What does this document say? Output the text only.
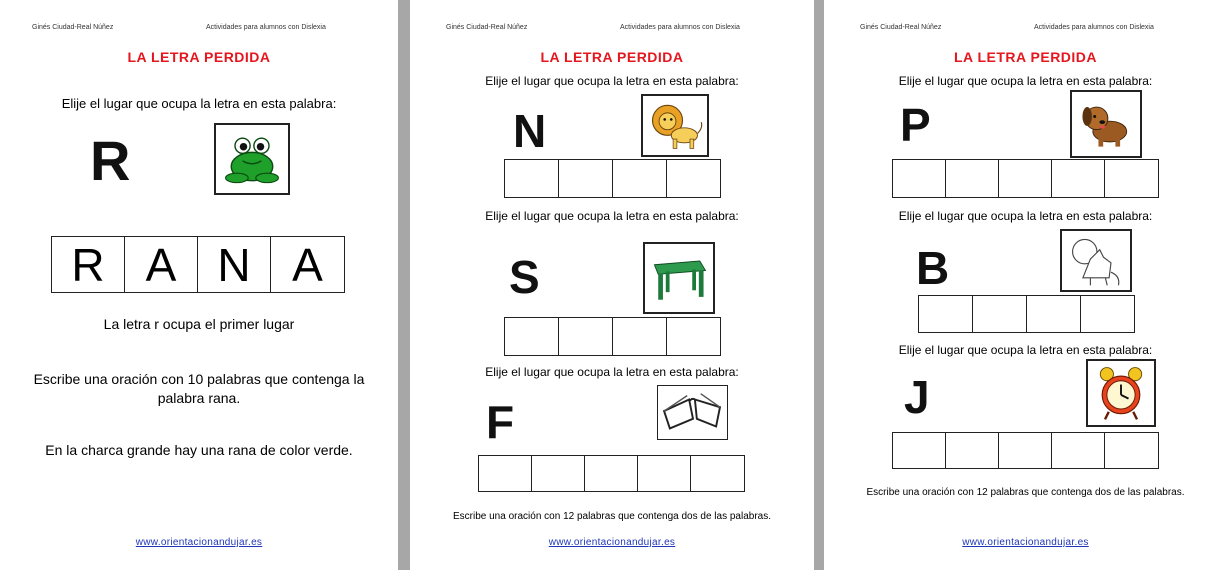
Ginés Ciudad-Real Núñez	Actividades para alumnos con Dislexia
LA LETRA PERDIDA
Elije el lugar que ocupa la letra en esta palabra:
R
R A N A
La letra r ocupa el primer lugar
Escribe una oración con 10 palabras que contenga la palabra rana.
En la charca grande hay una rana de color verde.
www.orientacionandujar.es
Ginés Ciudad-Real Núñez	Actividades para alumnos con Dislexia
LA LETRA PERDIDA
Elije el lugar que ocupa la letra en esta palabra:
N
Elije el lugar que ocupa la letra en esta palabra:
S
Elije el lugar que ocupa la letra en esta palabra:
F
Escribe una oración con 12 palabras que contenga dos de las palabras.
www.orientacionandujar.es
Ginés Ciudad-Real Núñez	Actividades para alumnos con Dislexia
LA LETRA PERDIDA
Elije el lugar que ocupa la letra en esta palabra:
P
Elije el lugar que ocupa la letra en esta palabra:
B
Elije el lugar que ocupa la letra en esta palabra:
J
Escribe una oración con 12 palabras que contenga dos de las palabras.
www.orientacionandujar.es
